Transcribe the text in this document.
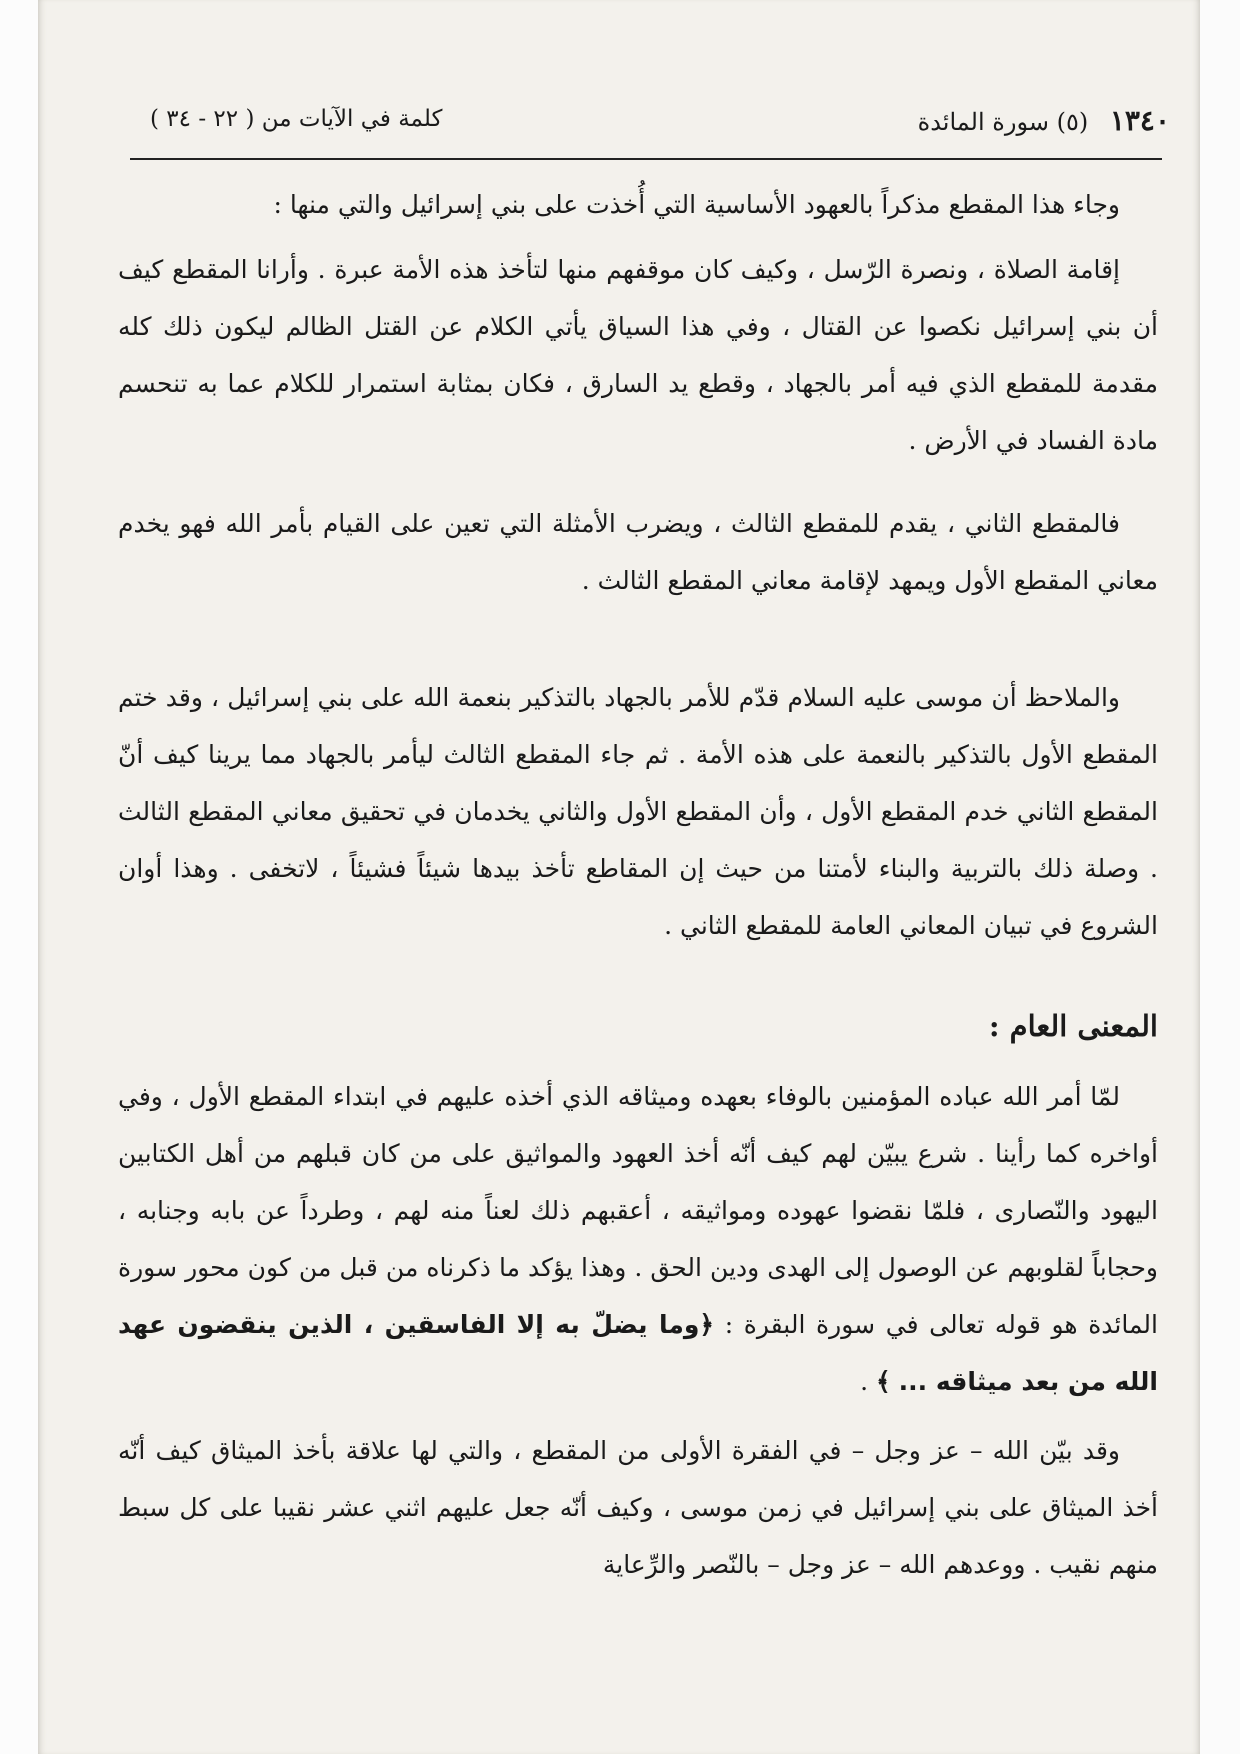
١٣٤٠ (٥) سورة المائدة
كلمة في الآيات من ( ٢٢ - ٣٤ )

وجاء هذا المقطع مذكراً بالعهود الأساسية التي أُخذت على بني إسرائيل والتي منها :

إقامة الصلاة ، ونصرة الرّسل ، وكيف كان موقفهم منها لتأخذ هذه الأمة عبرة . وأرانا المقطع كيف أن بني إسرائيل نكصوا عن القتال ، وفي هذا السياق يأتي الكلام عن القتل الظالم ليكون ذلك كله مقدمة للمقطع الذي فيه أمر بالجهاد ، وقطع يد السارق ، فكان بمثابة استمرار للكلام عما به تنحسم مادة الفساد في الأرض .

فالمقطع الثاني ، يقدم للمقطع الثالث ، ويضرب الأمثلة التي تعين على القيام بأمر الله فهو يخدم معاني المقطع الأول ويمهد لإقامة معاني المقطع الثالث .

والملاحظ أن موسى عليه السلام قدّم للأمر بالجهاد بالتذكير بنعمة الله على بني إسرائيل ، وقد ختم المقطع الأول بالتذكير بالنعمة على هذه الأمة . ثم جاء المقطع الثالث ليأمر بالجهاد مما يرينا كيف أنّ المقطع الثاني خدم المقطع الأول ، وأن المقطع الأول والثاني يخدمان في تحقيق معاني المقطع الثالث . وصلة ذلك بالتربية والبناء لأمتنا من حيث إن المقاطع تأخذ بيدها شيئاً فشيئاً ، لاتخفى . وهذا أوان الشروع في تبيان المعاني العامة للمقطع الثاني .

المعنى العام :

لمّا أمر الله عباده المؤمنين بالوفاء بعهده وميثاقه الذي أخذه عليهم في ابتداء المقطع الأول ، وفي أواخره كما رأينا . شرع يبيّن لهم كيف أنّه أخذ العهود والمواثيق على من كان قبلهم من أهل الكتابين اليهود والنّصارى ، فلمّا نقضوا عهوده ومواثيقه ، أعقبهم ذلك لعناً منه لهم ، وطرداً عن بابه وجنابه ، وحجاباً لقلوبهم عن الوصول إلى الهدى ودين الحق . وهذا يؤكد ما ذكرناه من قبل من كون محور سورة المائدة هو قوله تعالى في سورة البقرة : ﴿وما يضلّ به إلا الفاسقين ، الذين ينقضون عهد الله من بعد ميثاقه ... ﴾ .

وقد بيّن الله – عز وجل – في الفقرة الأولى من المقطع ، والتي لها علاقة بأخذ الميثاق كيف أنّه أخذ الميثاق على بني إسرائيل في زمن موسى ، وكيف أنّه جعل عليهم اثني عشر نقيبا على كل سبط منهم نقيب . ووعدهم الله – عز وجل – بالنّصر والرِّعاية
